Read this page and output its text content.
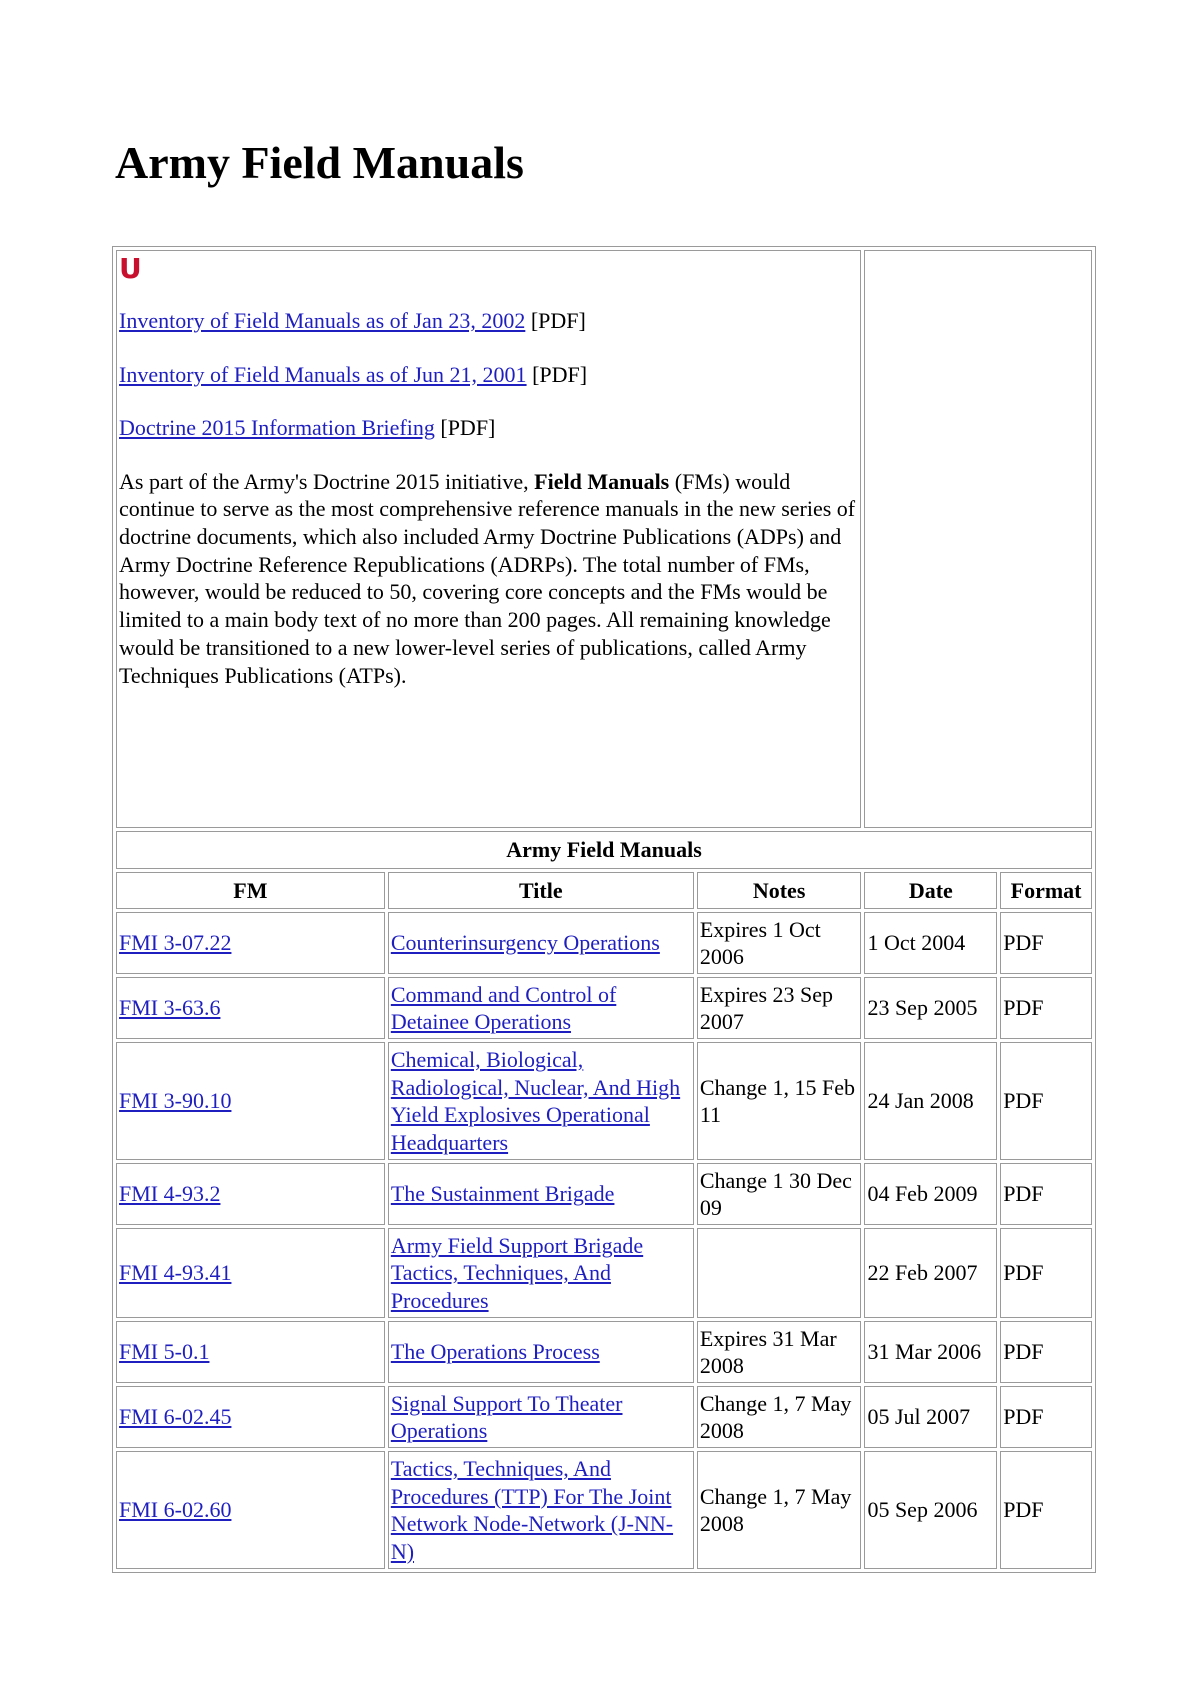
Army Field Manuals
U

Inventory of Field Manuals as of Jan 23, 2002 [PDF]

Inventory of Field Manuals as of Jun 21, 2001 [PDF]

Doctrine 2015 Information Briefing [PDF]

As part of the Army's Doctrine 2015 initiative, Field Manuals (FMs) would continue to serve as the most comprehensive reference manuals in the new series of doctrine documents, which also included Army Doctrine Publications (ADPs) and Army Doctrine Reference Republications (ADRPs). The total number of FMs, however, would be reduced to 50, covering core concepts and the FMs would be limited to a main body text of no more than 200 pages. All remaining knowledge would be transitioned to a new lower-level series of publications, called Army Techniques Publications (ATPs).				

Army Field Manuals				
FM	Title	Notes	Date	Format
FMI 3-07.22	Counterinsurgency Operations	Expires 1 Oct 2006	1 Oct 2004	PDF
FMI 3-63.6	Command and Control of Detainee Operations	Expires 23 Sep 2007	23 Sep 2005	PDF
FMI 3-90.10	Chemical, Biological, Radiological, Nuclear, And High Yield Explosives Operational Headquarters	Change 1, 15 Feb 11	24 Jan 2008	PDF
FMI 4-93.2	The Sustainment Brigade	Change 1 30 Dec 09	04 Feb 2009	PDF
FMI 4-93.41	Army Field Support Brigade Tactics, Techniques, And Procedures		22 Feb 2007	PDF
FMI 5-0.1	The Operations Process	Expires 31 Mar 2008	31 Mar 2006	PDF
FMI 6-02.45	Signal Support To Theater Operations	Change 1, 7 May 2008	05 Jul 2007	PDF
FMI 6-02.60	Tactics, Techniques, And Procedures (TTP) For The Joint Network Node-Network (J-NN-N)	Change 1, 7 May 2008	05 Sep 2006	PDF
